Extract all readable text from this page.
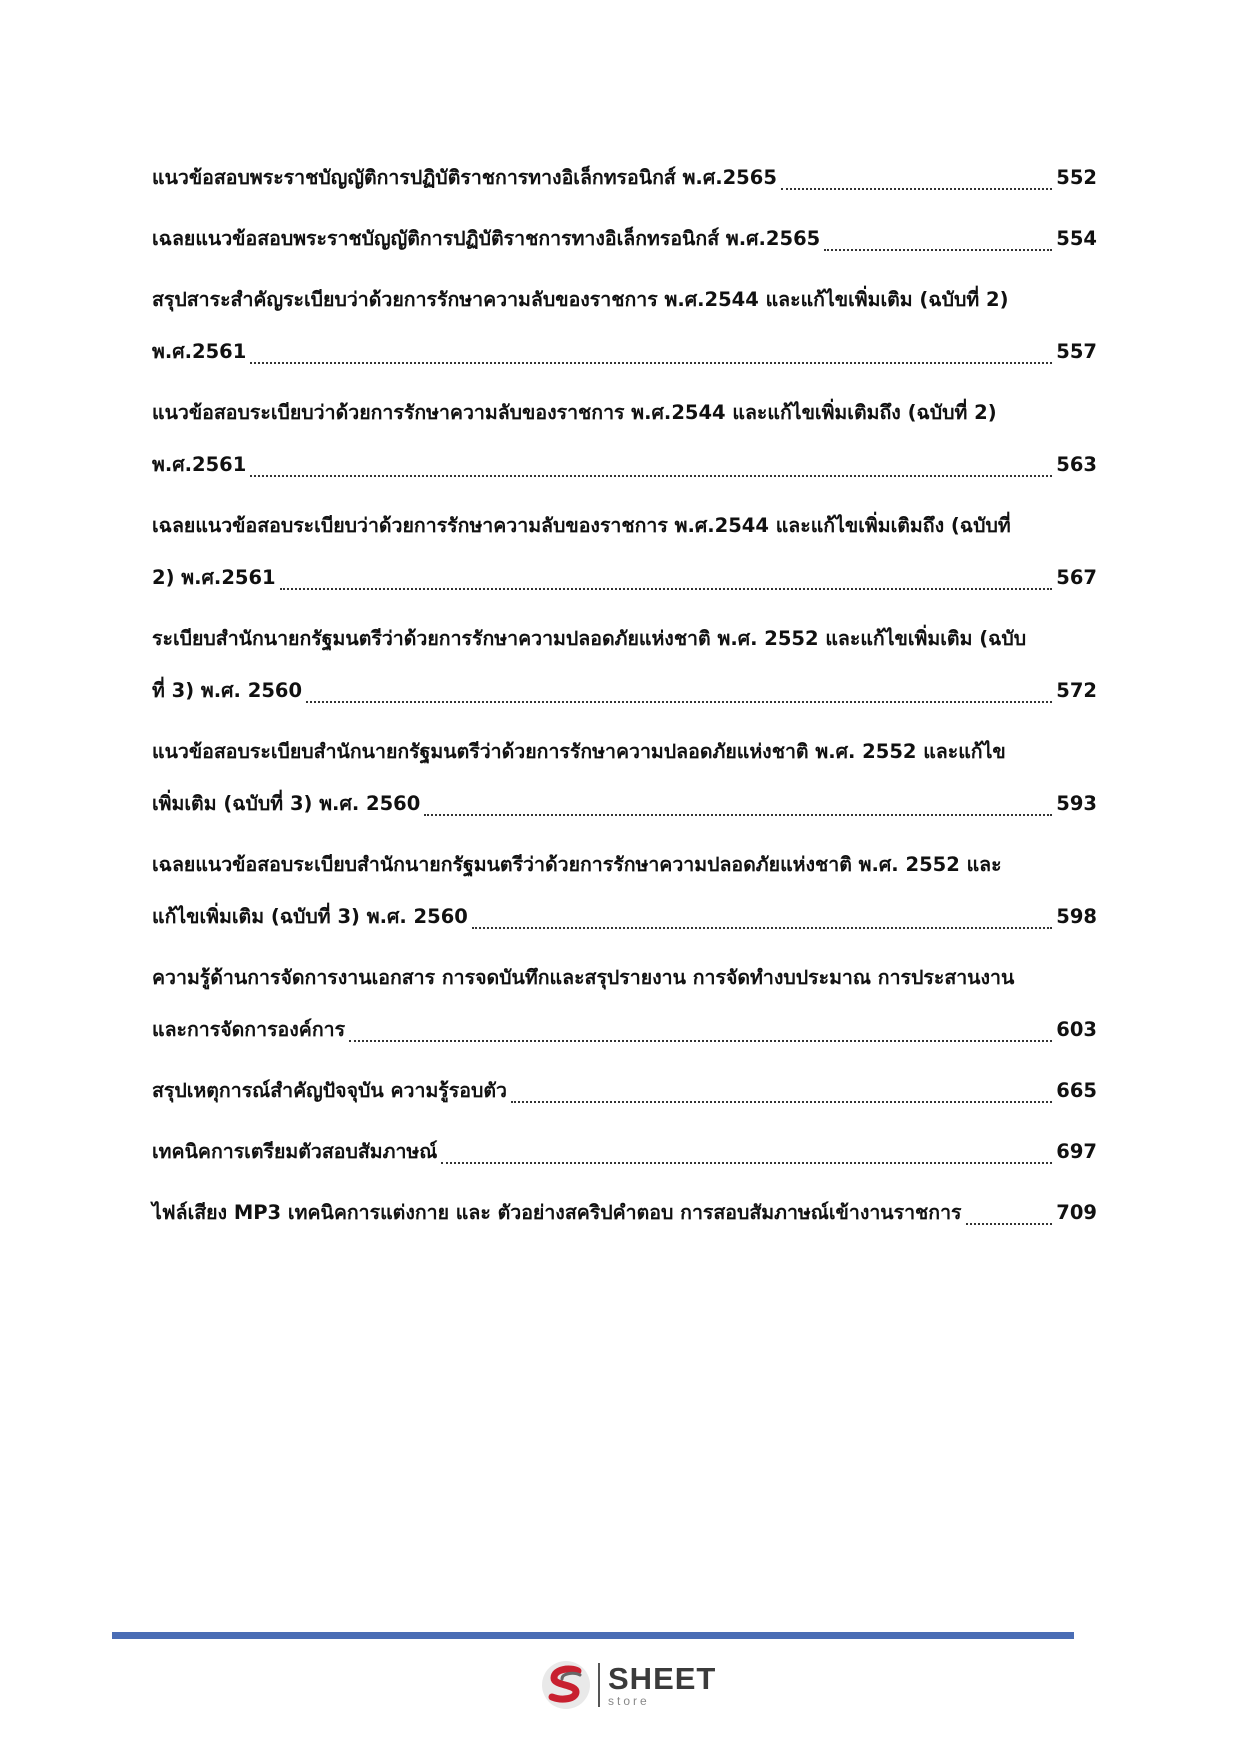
แนวข้อสอบพระราชบัญญัติการปฏิบัติราชการทางอิเล็กทรอนิกส์ พ.ศ.2565	552
เฉลยแนวข้อสอบพระราชบัญญัติการปฏิบัติราชการทางอิเล็กทรอนิกส์ พ.ศ.2565	554
สรุปสาระสำคัญระเบียบว่าด้วยการรักษาความลับของราชการ พ.ศ.2544 และแก้ไขเพิ่มเติม (ฉบับที่ 2)
พ.ศ.2561	557
แนวข้อสอบระเบียบว่าด้วยการรักษาความลับของราชการ พ.ศ.2544 และแก้ไขเพิ่มเติมถึง (ฉบับที่ 2)
พ.ศ.2561	563
เฉลยแนวข้อสอบระเบียบว่าด้วยการรักษาความลับของราชการ พ.ศ.2544 และแก้ไขเพิ่มเติมถึง (ฉบับที่
2) พ.ศ.2561	567
ระเบียบสำนักนายกรัฐมนตรีว่าด้วยการรักษาความปลอดภัยแห่งชาติ พ.ศ. 2552 และแก้ไขเพิ่มเติม (ฉบับ
ที่ 3) พ.ศ. 2560	572
แนวข้อสอบระเบียบสำนักนายกรัฐมนตรีว่าด้วยการรักษาความปลอดภัยแห่งชาติ พ.ศ. 2552 และแก้ไข
เพิ่มเติม (ฉบับที่ 3) พ.ศ. 2560	593
เฉลยแนวข้อสอบระเบียบสำนักนายกรัฐมนตรีว่าด้วยการรักษาความปลอดภัยแห่งชาติ พ.ศ. 2552 และ
แก้ไขเพิ่มเติม (ฉบับที่ 3) พ.ศ. 2560	598
ความรู้ด้านการจัดการงานเอกสาร การจดบันทึกและสรุปรายงาน การจัดทำงบประมาณ การประสานงาน
และการจัดการองค์การ	603
สรุปเหตุการณ์สำคัญปัจจุบัน ความรู้รอบตัว	665
เทคนิคการเตรียมตัวสอบสัมภาษณ์	697
ไฟล์เสียง MP3 เทคนิคการแต่งกาย และ ตัวอย่างสคริปคำตอบ การสอบสัมภาษณ์เข้างานราชการ	709
SHEET
store
